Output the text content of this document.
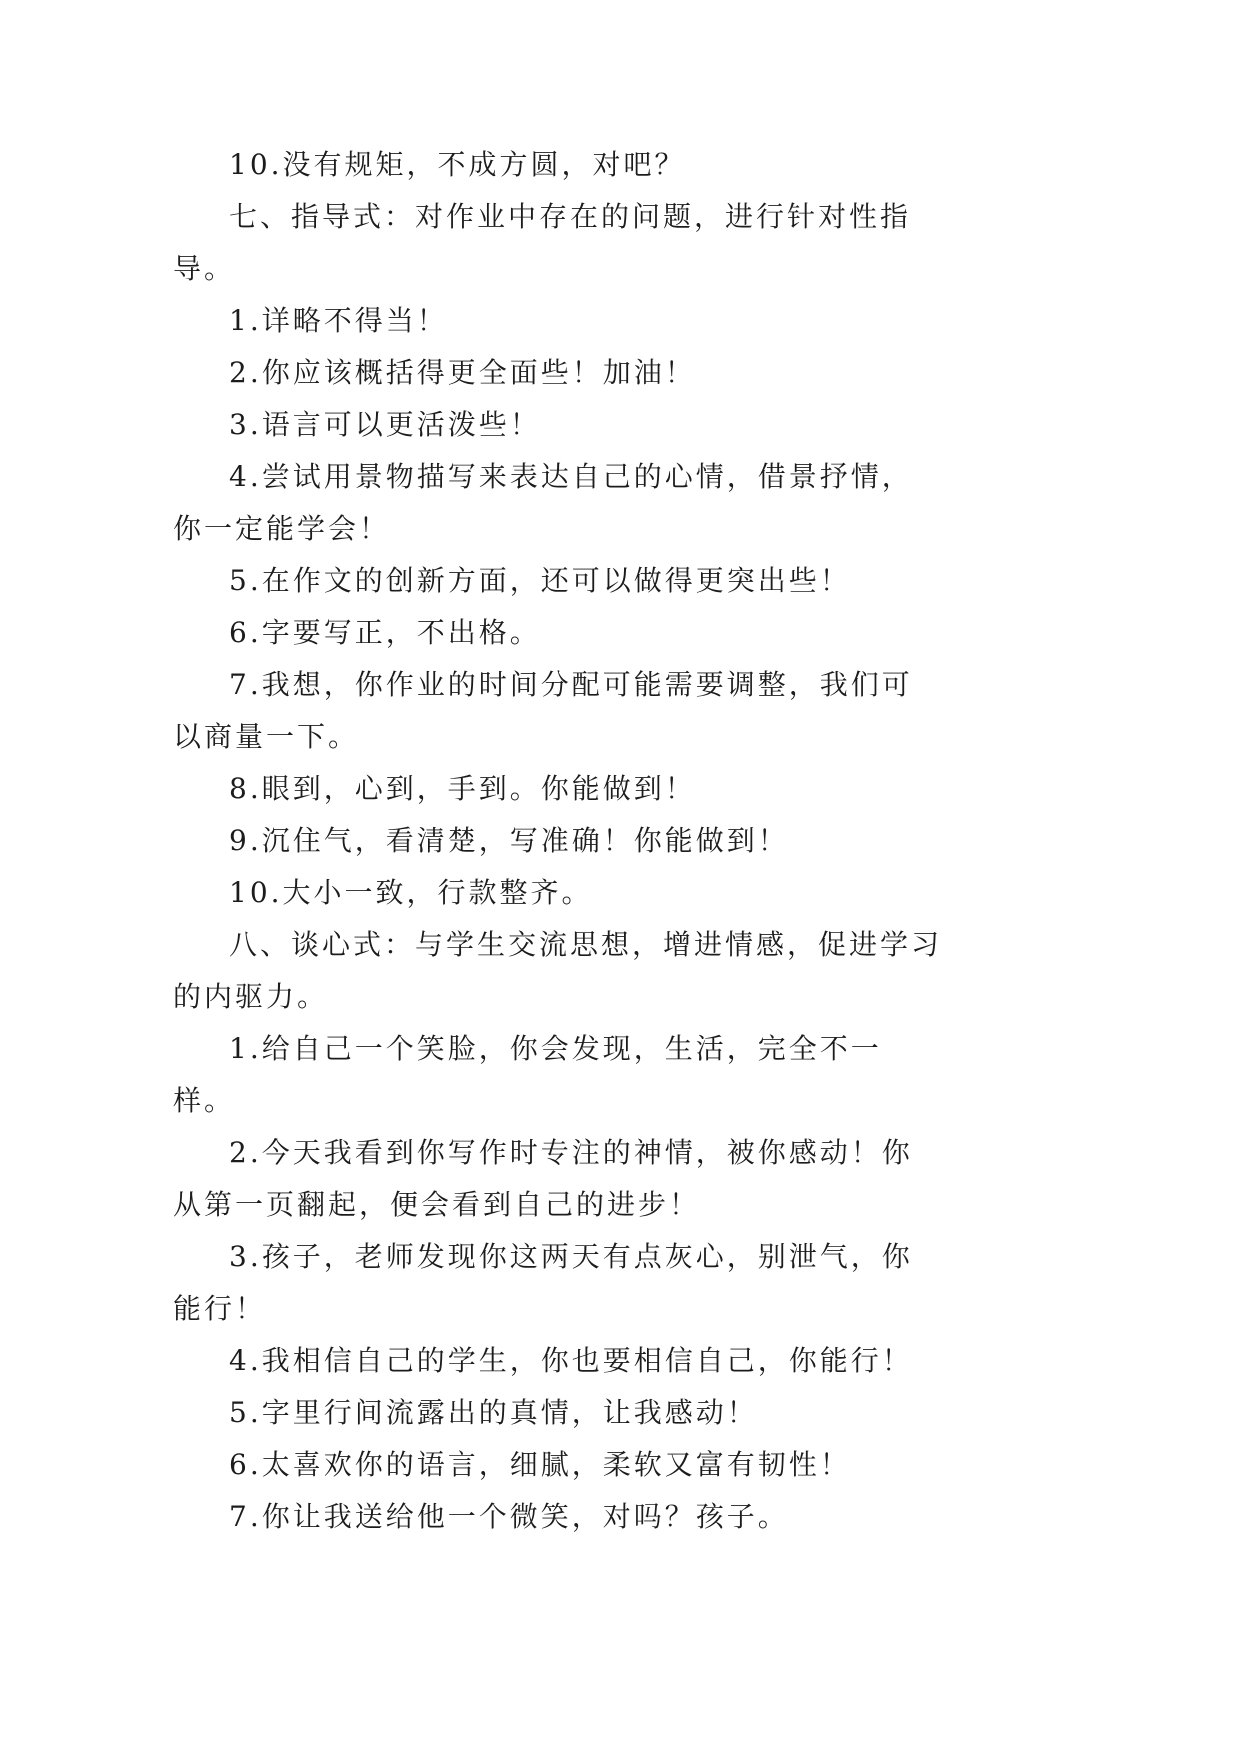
10.没有规矩，不成方圆，对吧？

七、指导式：对作业中存在的问题，进行针对性指导。

1.详略不得当！

2.你应该概括得更全面些！加油！

3.语言可以更活泼些！

4.尝试用景物描写来表达自己的心情，借景抒情，你一定能学会！

5.在作文的创新方面，还可以做得更突出些！

6.字要写正，不出格。

7.我想，你作业的时间分配可能需要调整，我们可以商量一下。

8.眼到，心到，手到。你能做到！

9.沉住气，看清楚，写准确！你能做到！

10.大小一致，行款整齐。

八、谈心式：与学生交流思想，增进情感，促进学习的内驱力。

1.给自己一个笑脸，你会发现，生活，完全不一样。

2.今天我看到你写作时专注的神情，被你感动！你从第一页翻起，便会看到自己的进步！

3.孩子，老师发现你这两天有点灰心，别泄气，你能行！

4.我相信自己的学生，你也要相信自己，你能行！

5.字里行间流露出的真情，让我感动！

6.太喜欢你的语言，细腻，柔软又富有韧性！

7.你让我送给他一个微笑，对吗？孩子。
